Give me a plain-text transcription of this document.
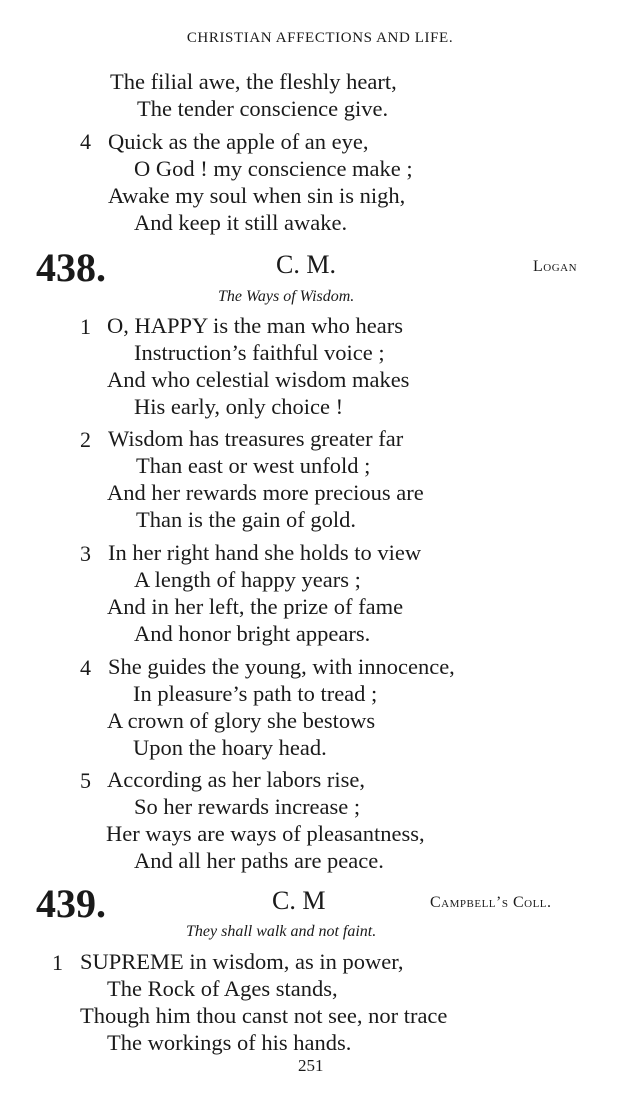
CHRISTIAN AFFECTIONS AND LIFE.
The filial awe, the fleshly heart,
The tender conscience give.
4 Quick as the apple of an eye,
O God ! my conscience make ;
Awake my soul when sin is nigh,
And keep it still awake.
438.	C. M.	Logan
The Ways of Wisdom.
1 O, HAPPY is the man who hears
Instruction’s faithful voice ;
And who celestial wisdom makes
His early, only choice !
2 Wisdom has treasures greater far
Than east or west unfold ;
And her rewards more precious are
Than is the gain of gold.
3 In her right hand she holds to view
A length of happy years ;
And in her left, the prize of fame
And honor bright appears.
4 She guides the young, with innocence,
In pleasure’s path to tread ;
A crown of glory she bestows
Upon the hoary head.
5 According as her labors rise,
So her rewards increase ;
Her ways are ways of pleasantness,
And all her paths are peace.
439.	C. M	Campbell’s Coll.
They shall walk and not faint.
1 SUPREME in wisdom, as in power,
The Rock of Ages stands,
Though him thou canst not see, nor trace
The workings of his hands.
251
